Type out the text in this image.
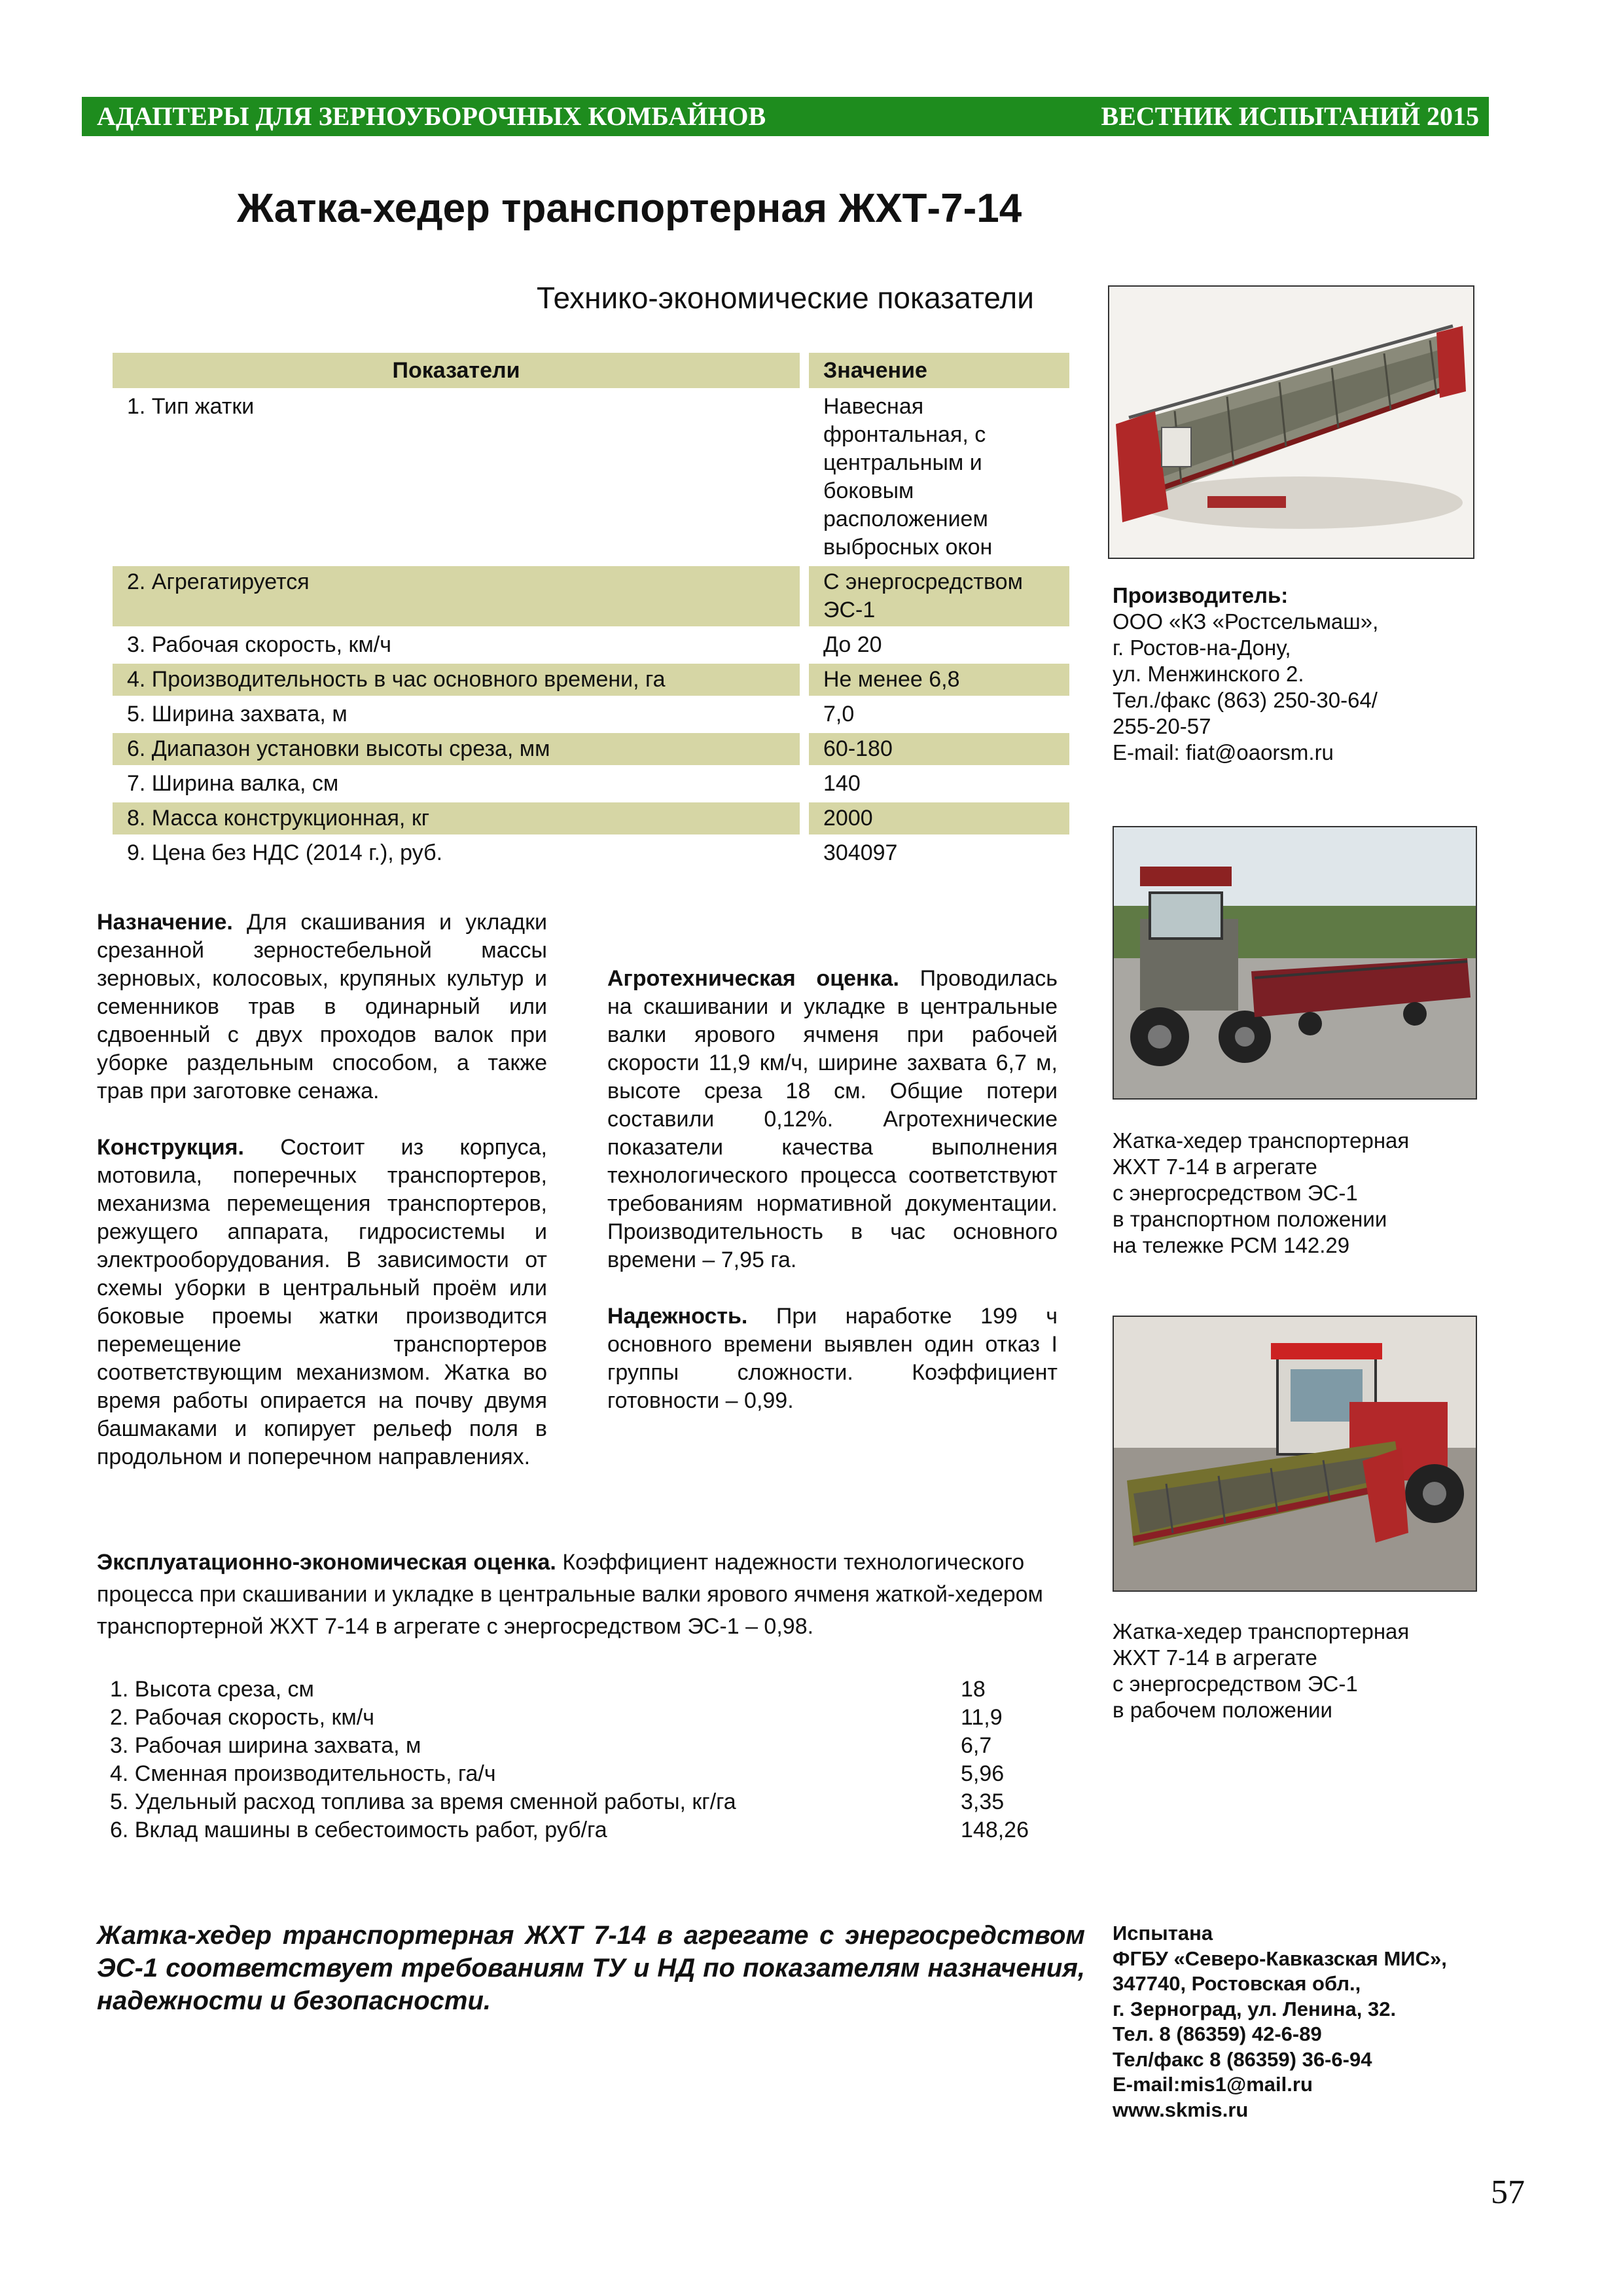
АДАПТЕРЫ ДЛЯ ЗЕРНОУБОРОЧНЫХ КОМБАЙНОВ	ВЕСТНИК ИСПЫТАНИЙ 2015
Жатка-хедер транспортерная ЖХТ-7-14
Технико-экономические показатели
Показатели		Значение
1. Тип жатки		Навесная фронтальная, с центральным и боковым расположением выбросных окон
2. Агрегатируется		С энергосредством ЭС-1
3. Рабочая скорость, км/ч		До 20
4. Производительность в час основного времени, га		Не менее 6,8
5. Ширина захвата, м		7,0
6. Диапазон установки высоты среза, мм		60-180
7. Ширина валка, см		140
8. Масса конструкционная, кг		2000
9. Цена без НДС (2014 г.), руб.		304097
Производитель:
ООО «КЗ «Ростсельмаш»,
г. Ростов-на-Дону,
ул. Менжинского 2.
Тел./факс (863) 250-30-64/
255-20-57
E-mail: fiat@oaorsm.ru
Жатка-хедер транспортерная
ЖХТ 7-14 в агрегате
с энергосредством ЭС-1
в транспортном положении
на тележке РСМ 142.29
Жатка-хедер транспортерная
ЖХТ 7-14 в агрегате
с энергосредством ЭС-1
в рабочем положении

Назначение. Для скашивания и укладки срезанной зерностебельной массы зерновых, колосовых, крупяных культур и семенников трав в одинарный или сдвоенный с двух проходов валок при уборке раздельным способом, а также трав при заготовке сенажа.

Конструкция. Состоит из корпуса, мотовила, поперечных транспортеров, механизма перемещения транспортеров, режущего аппарата, гидросистемы и электрооборудования. В зависимости от схемы уборки в центральный проём или боковые проемы жатки производится перемещение транспортеров соответствующим механизмом. Жатка во время работы опирается на почву двумя башмаками и копирует рельеф поля в продольном и поперечном направлениях.

Агротехническая оценка. Проводилась на скашивании и укладке в центральные валки ярового ячменя при рабочей скорости 11,9 км/ч, ширине захвата 6,7 м, высоте среза 18 см. Общие потери составили 0,12%. Агротехнические показатели качества выполнения технологического процесса соответствуют требованиям нормативной документации. Производительность в час основного времени – 7,95 га.

Надежность. При наработке 199 ч основного времени выявлен один отказ I группы сложности. Коэффициент готовности – 0,99.

Эксплуатационно-экономическая оценка. Коэффициент надежности технологического процесса при скашивании и укладке в центральные валки ярового ячменя жаткой-хедером транспортерной ЖХТ 7-14 в агрегате с энергосредством ЭС-1 – 0,98.
1. Высота среза, см	18
2. Рабочая скорость, км/ч	11,9
3. Рабочая ширина захвата, м	6,7
4. Сменная производительность, га/ч	5,96
5. Удельный расход топлива за время сменной работы, кг/га	3,35
6. Вклад машины в себестоимость работ, руб/га	148,26
Жатка-хедер транспортерная ЖХТ 7-14 в агрегате с энергосредством ЭС-1 соответствует требованиям ТУ и НД по показателям назначения, надежности и безопасности.
Испытана
ФГБУ «Северо-Кавказская МИС»,
347740, Ростовская обл.,
г. Зерноград, ул. Ленина, 32.
Тел. 8 (86359) 42-6-89
Тел/факс 8 (86359) 36-6-94
E-mail:mis1@mail.ru
www.skmis.ru
57
